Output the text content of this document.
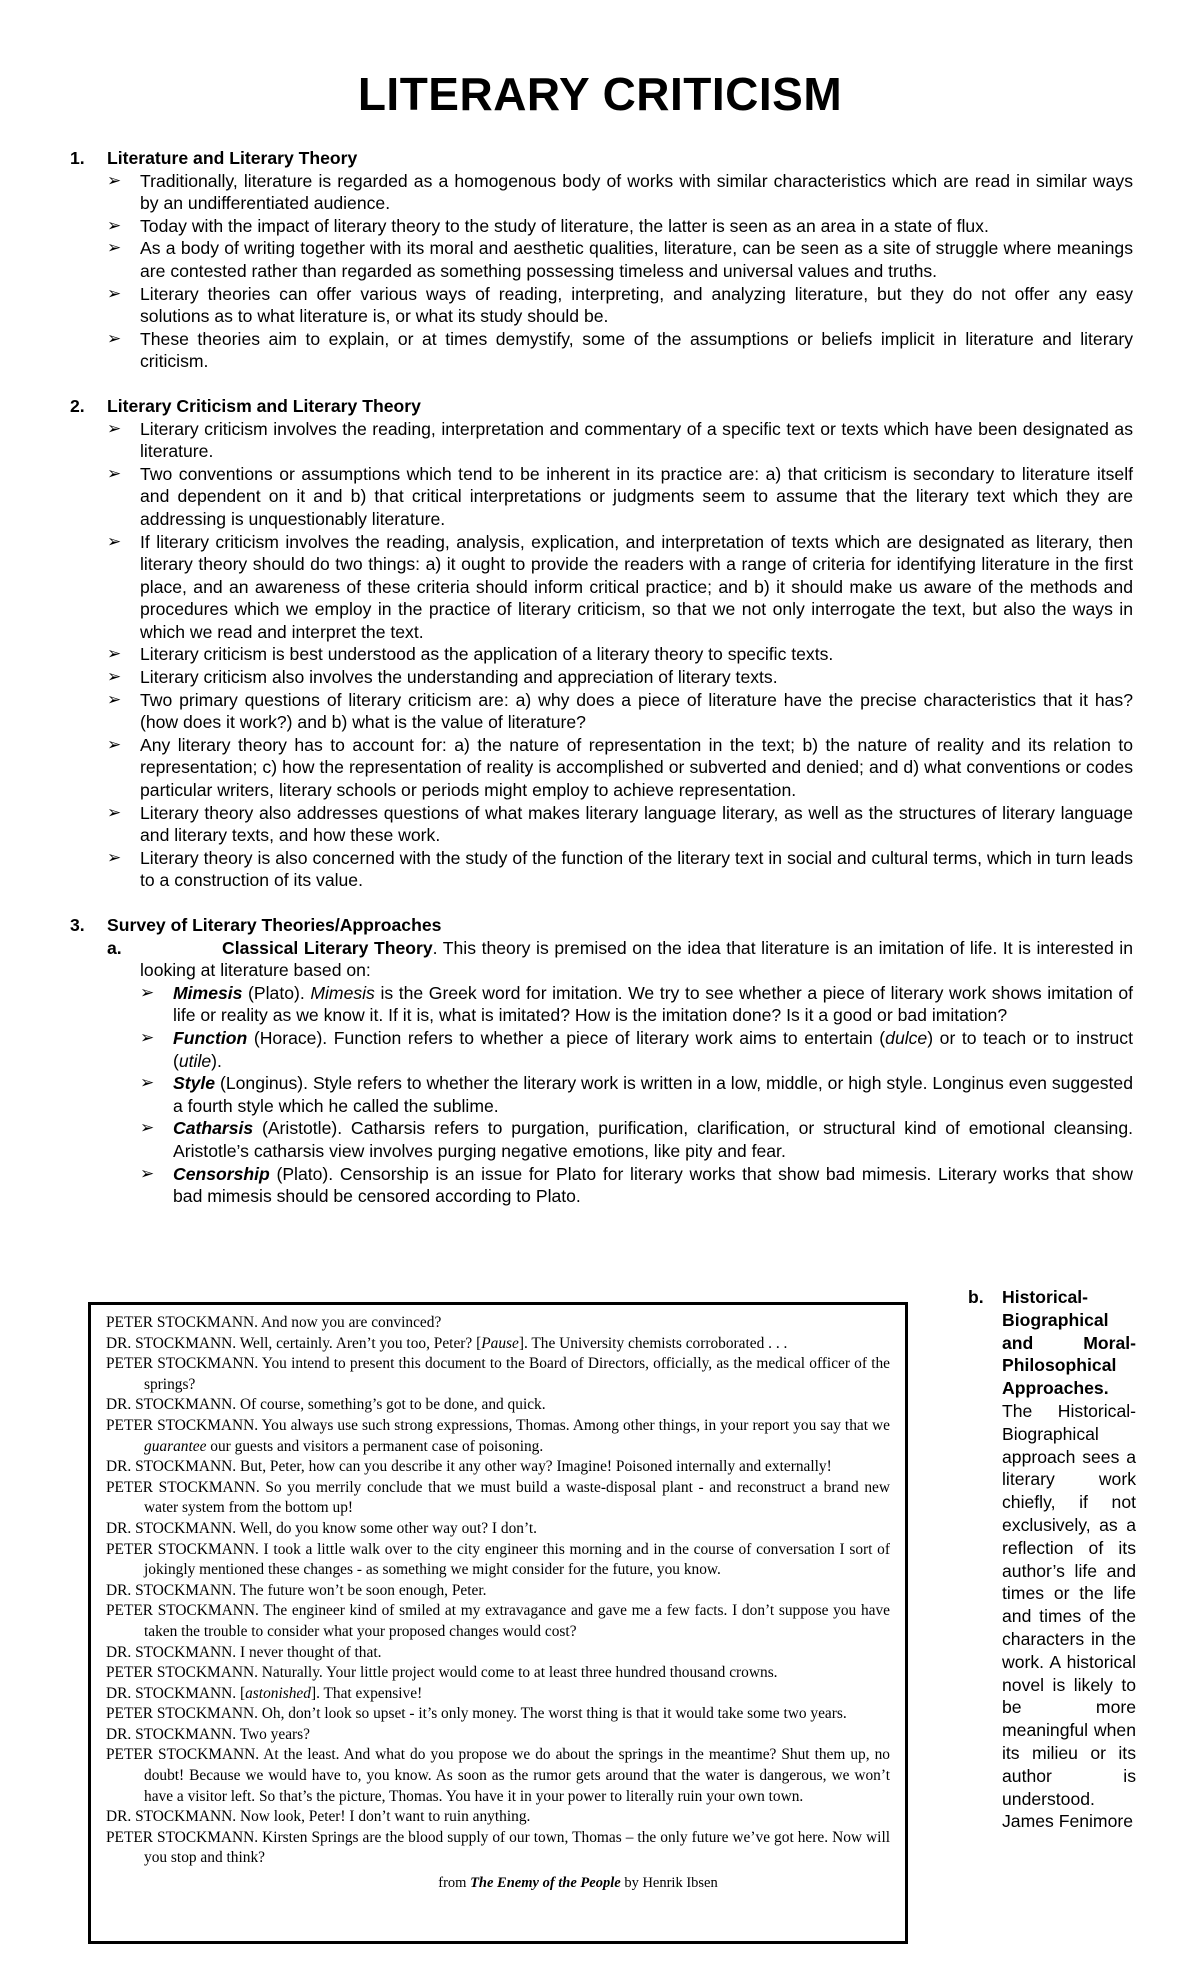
LITERARY CRITICISM
1.	Literature and Literary Theory
➢	Traditionally, literature is regarded as a homogenous body of works with similar characteristics which are read in similar ways by an undifferentiated audience.
➢	Today with the impact of literary theory to the study of literature, the latter is seen as an area in a state of flux.
➢	As a body of writing together with its moral and aesthetic qualities, literature, can be seen as a site of struggle where meanings are contested rather than regarded as something possessing timeless and universal values and truths.
➢	Literary theories can offer various ways of reading, interpreting, and analyzing literature, but they do not offer any easy solutions as to what literature is, or what its study should be.
➢	These theories aim to explain, or at times demystify, some of the assumptions or beliefs implicit in literature and literary criticism.
2.	Literary Criticism and Literary Theory
➢	Literary criticism involves the reading, interpretation and commentary of a specific text or texts which have been designated as literature.
➢	Two conventions or assumptions which tend to be inherent in its practice are: a) that criticism is secondary to literature itself and dependent on it and b) that critical interpretations or judgments seem to assume that the literary text which they are addressing is unquestionably literature.
➢	If literary criticism involves the reading, analysis, explication, and interpretation of texts which are designated as literary, then literary theory should do two things: a) it ought to provide the readers with a range of criteria for identifying literature in the first place, and an awareness of these criteria should inform critical practice; and b) it should make us aware of the methods and procedures which we employ in the practice of literary criticism, so that we not only interrogate the text, but also the ways in which we read and interpret the text.
➢	Literary criticism is best understood as the application of a literary theory to specific texts.
➢	Literary criticism also involves the understanding and appreciation of literary texts.
➢	Two primary questions of literary criticism are: a) why does a piece of literature have the precise characteristics that it has? (how does it work?) and b) what is the value of literature?
➢	Any literary theory has to account for: a) the nature of representation in the text; b) the nature of reality and its relation to representation; c) how the representation of reality is accomplished or subverted and denied; and d) what conventions or codes particular writers, literary schools or periods might employ to achieve representation.
➢	Literary theory also addresses questions of what makes literary language literary, as well as the structures of literary language and literary texts, and how these work.
➢	Literary theory is also concerned with the study of the function of the literary text in social and cultural terms, which in turn leads to a construction of its value.
3.	Survey of Literary Theories/Approaches
a.	Classical Literary Theory. This theory is premised on the idea that literature is an imitation of life. It is interested in looking at literature based on:
➢	Mimesis (Plato). Mimesis is the Greek word for imitation. We try to see whether a piece of literary work shows imitation of life or reality as we know it. If it is, what is imitated? How is the imitation done? Is it a good or bad imitation?
➢	Function (Horace). Function refers to whether a piece of literary work aims to entertain (dulce) or to teach or to instruct (utile).
➢	Style (Longinus). Style refers to whether the literary work is written in a low, middle, or high style. Longinus even suggested a fourth style which he called the sublime.
➢	Catharsis (Aristotle). Catharsis refers to purgation, purification, clarification, or structural kind of emotional cleansing. Aristotle’s catharsis view involves purging negative emotions, like pity and fear.
➢	Censorship (Plato). Censorship is an issue for Plato for literary works that show bad mimesis. Literary works that show bad mimesis should be censored according to Plato.
PETER STOCKMANN. And now you are convinced?
DR. STOCKMANN. Well, certainly. Aren’t you too, Peter? [Pause]. The University chemists corroborated . . .
PETER STOCKMANN. You intend to present this document to the Board of Directors, officially, as the medical officer of the springs?
DR. STOCKMANN. Of course, something’s got to be done, and quick.
PETER STOCKMANN. You always use such strong expressions, Thomas. Among other things, in your report you say that we guarantee our guests and visitors a permanent case of poisoning.
DR. STOCKMANN. But, Peter, how can you describe it any other way? Imagine! Poisoned internally and externally!
PETER STOCKMANN. So you merrily conclude that we must build a waste-disposal plant - and reconstruct a brand new water system from the bottom up!
DR. STOCKMANN. Well, do you know some other way out? I don’t.
PETER STOCKMANN. I took a little walk over to the city engineer this morning and in the course of conversation I sort of jokingly mentioned these changes - as something we might consider for the future, you know.
DR. STOCKMANN. The future won’t be soon enough, Peter.
PETER STOCKMANN. The engineer kind of smiled at my extravagance and gave me a few facts. I don’t suppose you have taken the trouble to consider what your proposed changes would cost?
DR. STOCKMANN. I never thought of that.
PETER STOCKMANN. Naturally. Your little project would come to at least three hundred thousand crowns.
DR. STOCKMANN. [astonished]. That expensive!
PETER STOCKMANN. Oh, don’t look so upset - it’s only money. The worst thing is that it would take some two years.
DR. STOCKMANN. Two years?
PETER STOCKMANN. At the least. And what do you propose we do about the springs in the meantime? Shut them up, no doubt! Because we would have to, you know. As soon as the rumor gets around that the water is dangerous, we won’t have a visitor left. So that’s the picture, Thomas. You have it in your power to literally ruin your own town.
DR. STOCKMANN. Now look, Peter! I don’t want to ruin anything.
PETER STOCKMANN. Kirsten Springs are the blood supply of our town, Thomas – the only future we’ve got here. Now will you stop and think?
from The Enemy of the People by Henrik Ibsen
b.	Historical-Biographical and Moral-Philosophical Approaches. The Historical-Biographical approach sees a literary work chiefly, if not exclusively, as a reflection of its author’s life and times or the life and times of the characters in the work. A historical novel is likely to be more meaningful when its milieu or its author is understood. James Fenimore
